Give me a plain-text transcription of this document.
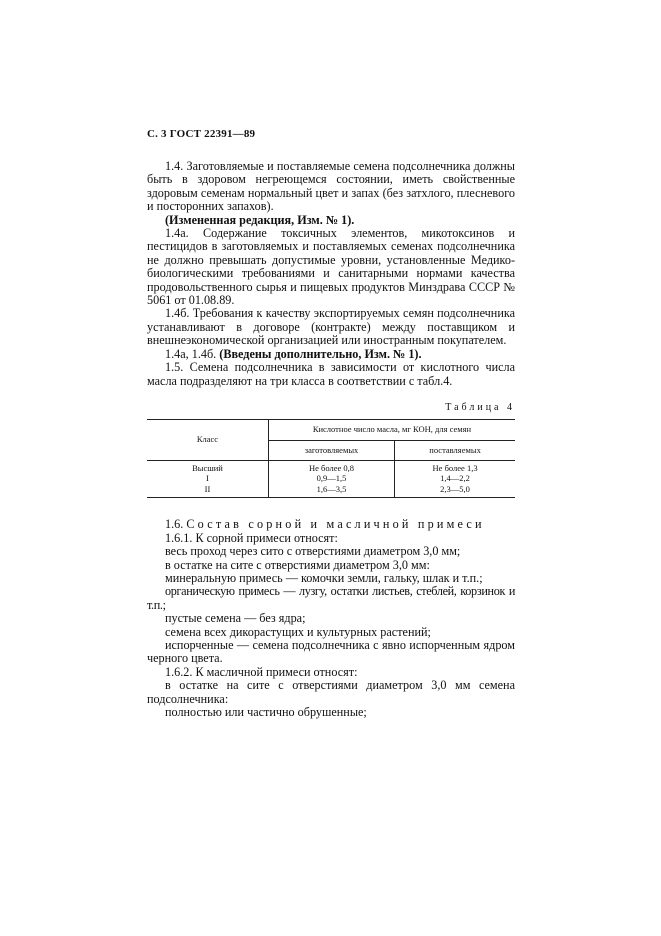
С. 3 ГОСТ 22391—89

1.4. Заготовляемые и поставляемые семена подсолнечника должны быть в здоровом негреющемся состоянии, иметь свойственные здоровым семенам нормальный цвет и запах (без затхлого, плесневого и посторонних запахов).

(Измененная редакция, Изм. № 1).

1.4а. Содержание токсичных элементов, микотоксинов и пестицидов в заготовляемых и поставляемых семенах подсолнечника не должно превышать допустимые уровни, установленные Медико-биологическими требованиями и санитарными нормами качества продовольственного сырья и пищевых продуктов Минздрава СССР № 5061 от 01.08.89.

1.4б. Требования к качеству экспортируемых семян подсолнечника устанавливают в договоре (контракте) между поставщиком и внешнеэкономической организацией или иностранным покупателем.

1.4а, 1.4б. (Введены дополнительно, Изм. № 1).

1.5. Семена подсолнечника в зависимости от кислотного числа масла подразделяют на три класса в соответствии с табл.4.

Таблица 4
Класс	Кислотное число масла, мг КОН, для семян	
	заготовляемых	поставляемых
Высший	Не более 0,8	Не более 1,3
I	0,9—1,5	1,4—2,2
II	1,6—3,5	2,3—5,0

1.6. Состав сорной и масличной примеси

1.6.1. К сорной примеси относят:

весь проход через сито с отверстиями диаметром 3,0 мм;

в остатке на сите с отверстиями диаметром 3,0 мм:

минеральную примесь — комочки земли, гальку, шлак и т.п.;

органическую примесь — лузгу, остатки листьев, стеблей, корзинок и т.п.;

пустые семена — без ядра;

семена всех дикорастущих и культурных растений;

испорченные — семена подсолнечника с явно испорченным ядром черного цвета.

1.6.2. К масличной примеси относят:

в остатке на сите с отверстиями диаметром 3,0 мм семена подсолнечника:

полностью или частично обрушенные;
